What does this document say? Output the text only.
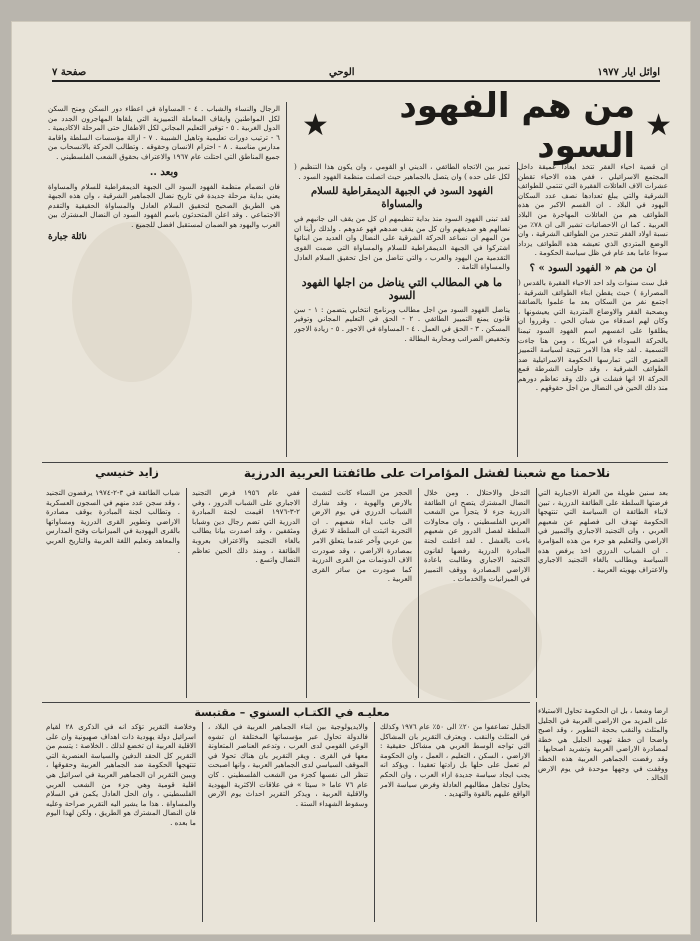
اوائل ايار ١٩٧٧
الوحي
صفحة ٧
★
من هم الفهود السود
★

ان قضية احياء الفقر تتخذ ابعادا عميقة داخل المجتمع الاسرائيلي ، ففي هذه الاحياء تقطن عشرات الاف العائلات الفقيرة التي تنتمي للطوائف الشرقية والتي يبلغ تعدادها نصف عدد السكان اليهود في البلاد . ان القسم الاكبر من هذه الطوائف هم من العائلات المهاجرة من البلاد العربية . كما ان الاحصائيات تشير الى ان ٧٨٪ من نسبة اولاد الفقر تنحدر من الطوائف الشرقية ، وان الوضع المتردي الذي تعيشه هذه الطوائف يزداد سوءا عاما بعد عام في ظل سياسة الحكومة .

ان من هم « الفهود السود » ؟

قبل ست سنوات ولد احد الاحياء الفقيرة بالقدس ( المصرارة ) حيث يقطن ابناء الطوائف الشرقية ، اجتمع نفر من السكان بعد ما علموا بالضائقة وبصحبة الفقر والاوضاع المتردية التي يعيشونها ، وكان لهم اصدقاء من شبان الحي . وقرروا ان يطلقوا على انفسهم اسم الفهود السود تيمنا بالحركة السوداء في امريكا ، ومن هنا جاءت التسمية . لقد جاء هذا الامر نتيجة لسياسة التمييز العنصري التي تمارسها الحكومة الاسرائيلية ضد الطوائف الشرقية ، وقد حاولت الشرطة قمع الحركة الا انها فشلت في ذلك وقد تعاظم دورهم منذ ذلك الحين في النضال من اجل حقوقهم .

تميز بين الاتجاه الطائفي ، الديني او القومي ، وان يكون هذا التنظيم ( لكل على حده ) وان يتصل بالجماهير حيث اتصلت منظمة الفهود السود .

الفهود السود في الجبهة الديمقراطية للسلام والمساواة

لقد تبنى الفهود السود منذ بداية تنظيمهم ان كل من يقف الى جانبهم في نضالهم هو صديقهم وان كل من يقف ضدهم فهو عدوهم . ولذلك رأينا ان من المهم ان نساعد الحركة الشرقية على النضال وان العديد من ابنائها اشتركوا في الجبهة الديمقراطية للسلام والمساواة التي ضمت القوى التقدمية من اليهود والعرب ، والتي تناضل من اجل تحقيق السلام العادل والمساواة التامة .

ما هي المطالب التي يناضل من اجلها الفهود السود

يناضل الفهود السود من اجل مطالب وبرنامج انتخابي يتضمن : ١ - سن قانون يمنع التمييز الطائفي . ٢ - الحق في التعليم المجاني وتوفير المسكن . ٣ - الحق في العمل . ٤ - المساواة في الاجور . ٥ - زيادة الاجور وتخفيض الضرائب ومحاربة البطالة .

الرجال والنساء والشباب . ٤ - المساواة في اعطاء دور السكن ومنح السكن لكل المواطنين وايقاف المعاملة التمييزية التي يلقاها المهاجرون الجدد من الدول الغربية . ٥ - توفير التعليم المجاني لكل الاطفال حتى المرحلة الاكاديمية . ٦ - ترتيب دورات تعليمية وتاهيل الشبيبة . ٧ - ازالة مؤسسات السلطة واقامة مدارس مناسبة . ٨ - احترام الانسان وحقوقه . وتطالب الحركة بالانسحاب من جميع المناطق التي احتلت عام ١٩٦٧ والاعتراف بحقوق الشعب الفلسطيني .

وبعد ..

فان انضمام منظمة الفهود السود الى الجبهة الديمقراطية للسلام والمساواة يعني بداية مرحلة جديدة في تاريخ نضال الجماهير الشرقية ، وان هذه الجبهة هي الطريق الصحيح لتحقيق السلام العادل والمساواة الحقيقية والتقدم الاجتماعي . وقد اعلن المتحدثون باسم الفهود السود ان النضال المشترك بين العرب واليهود هو الضمان لمستقبل افضل للجميع .

نائلة جبارة
نلاحمنا مع شعبنا لفشل المؤامرات على طائفتنا العربية الدرزية
زايد خنيسي

بعد سنين طويلة من العزلة الاجبارية التي فرضتها السلطة على الطائفة الدرزية ، تبين لابناء الطائفة ان السياسة التي تنتهجها الحكومة تهدف الى فصلهم عن شعبهم العربي ، وان التجنيد الاجباري والتمييز في الاراضي والتعليم هو جزء من هذه المؤامرة . ان الشباب الدرزي اخذ يرفض هذه السياسة ويطالب بالغاء التجنيد الاجباري والاعتراف بهويته العربية .

التدخل والاحتلال . ومن خلال النضال المشترك يتضح ان الطائفة الدرزية جزء لا يتجزأ من الشعب العربي الفلسطيني ، وان محاولات السلطة لفصل الدروز عن شعبهم باءت بالفشل . لقد اعلنت لجنة المبادرة الدرزية رفضها لقانون التجنيد الاجباري وطالبت باعادة الاراضي المصادرة ووقف التمييز في الميزانيات والخدمات .

الحجز من النساء كانت لتشبث بالارض والهوية ، وقد شارك الشباب الدرزي في يوم الارض الى جانب ابناء شعبهم . ان التجربة اثبتت ان السلطة لا تفرق بين عربي وآخر عندما يتعلق الامر بمصادرة الاراضي ، وقد صودرت الاف الدونمات من القرى الدرزية كما صودرت من سائر القرى العربية .

ففي عام ١٩٥٦ فرض التجنيد الاجباري على الشباب الدروز ، وفي ٢-٣-١٩٧٦ اقيمت لجنة المبادرة الدرزية التي تضم رجال دين وشبابا ومثقفين ، وقد اصدرت بيانا يطالب بالغاء التجنيد والاعتراف بعروبة الطائفة ، ومنذ ذلك الحين تعاظم النضال واتسع .

شباب الطائفة في ٣-٢-١٩٧٤ يرفضون التجنيد ، وقد سجن عدد منهم في السجون العسكرية . وتطالب لجنة المبادرة بوقف مصادرة الاراضي وتطوير القرى الدرزية ومساواتها بالقرى اليهودية في الميزانيات وفتح المدارس والمعاهد وتعليم اللغة العربية والتاريخ العربي .

معليـه في الكتـاب السنوي – مقتبسة

وخلاصة التقرير تؤكد انه في الذكرى ٢٨ لقيام اسرائيل دولة يهودية ذات اهداف صهيونية وان على الاقلية العربية ان تخضع لذلك . الخلاصة : يتسم من التقرير كل الحقد الدفين والسياسة العنصرية التي تنتهجها الحكومة ضد الجماهير العربية وحقوقها ، ويبين التقرير ان الجماهير العربية في اسرائيل هي اقلية قومية وهي جزء من الشعب العربي الفلسطيني ، وان الحل العادل يكمن في السلام والمساواة . هذا ما يشير اليه التقرير صراحة وعليه فان النضال المشترك هو الطريق ، ولكن لهذا اليوم ما بعده .

والايديولوجية بين ابناء الجماهير العربية في البلاد ، فالدولة تحاول عبر مؤسساتها المختلفة ان تشوه الوعي القومي لدى العرب ، وتدعم العناصر المتعاونة معها في القرى . ويقر التقرير بان هناك تحولا في الموقف السياسي لدى الجماهير العربية ، وانها اصبحت تنظر الى نفسها كجزء من الشعب الفلسطيني . كان عام ٧٦ عاما « سيئا » في علاقات الاكثرية اليهودية والاقلية العربية ، ويذكر التقرير احداث يوم الارض وسقوط الشهداء الستة .

الجليل تضاعفوا من ٢٠٪ الى ٥٠٪ عام ١٩٧٦ وكذلك في المثلث والنقب . ويعترف التقرير بان المشاكل التي تواجه الوسط العربي هي مشاكل حقيقية : الاراضي ، السكن ، التعليم ، العمل ، وان الحكومة لم تعمل على حلها بل زادتها تعقيدا . ويؤكد انه يجب ايجاد سياسة جديدة ازاء العرب ، وان الحكم يحاول تجاهل مطالبهم العادلة وفرض سياسة الامر الواقع عليهم بالقوة والتهديد .

ارضا وشعبا ، بل ان الحكومة تحاول الاستيلاء على المزيد من الاراضي العربية في الجليل والمثلث والنقب بحجة التطوير ، وقد اصبح واضحا ان خطة تهويد الجليل هي خطة لمصادرة الاراضي العربية وتشريد اصحابها . وقد رفضت الجماهير العربية هذه الخطة ووقفت في وجهها موحدة في يوم الارض الخالد .
